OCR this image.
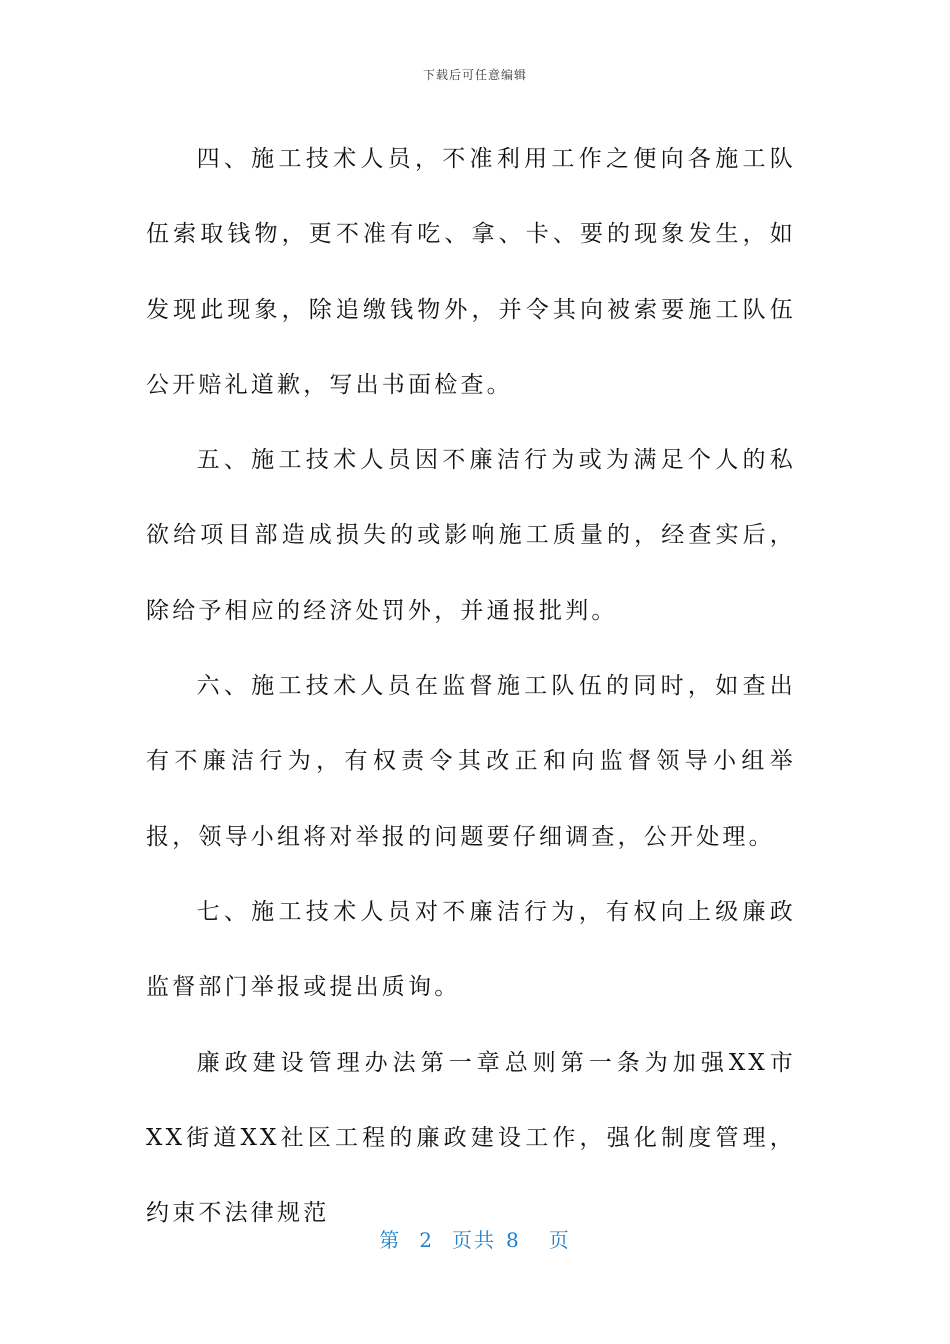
下载后可任意编辑

四、施工技术人员，不准利用工作之便向各施工队伍索取钱物，更不准有吃、拿、卡、要的现象发生，如发现此现象，除追缴钱物外，并令其向被索要施工队伍公开赔礼道歉，写出书面检查。

五、施工技术人员因不廉洁行为或为满足个人的私欲给项目部造成损失的或影响施工质量的，经查实后，除给予相应的经济处罚外，并通报批判。

六、施工技术人员在监督施工队伍的同时，如查出有不廉洁行为，有权责令其改正和向监督领导小组举报，领导小组将对举报的问题要仔细调查，公开处理。

七、施工技术人员对不廉洁行为，有权向上级廉政监督部门举报或提出质询。

廉政建设管理办法第一章总则第一条为加强XX市XX街道XX社区工程的廉政建设工作，强化制度管理，约束不法律规范

第 2 页共 8 页
